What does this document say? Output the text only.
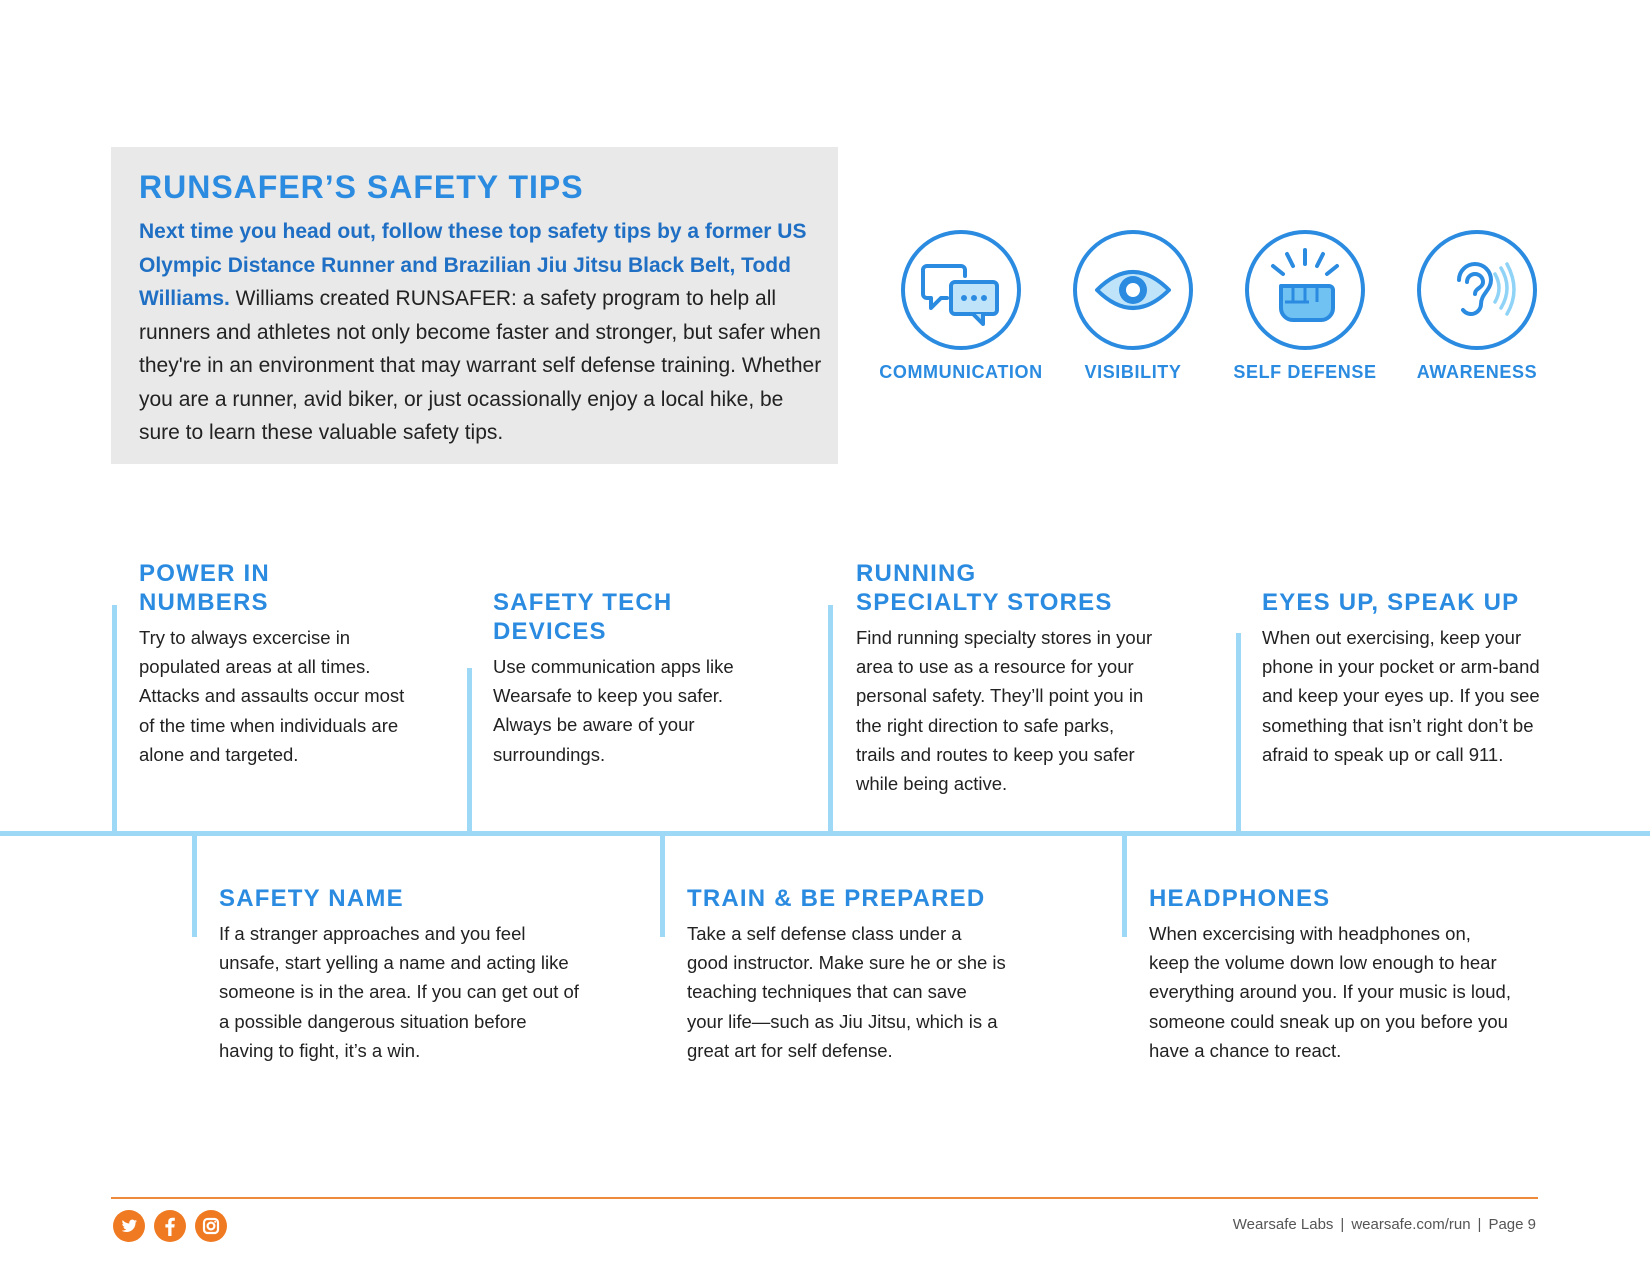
RUNSAFER’S SAFETY TIPS
Next time you head out, follow these top safety tips by a former US Olympic Distance Runner and Brazilian Jiu Jitsu Black Belt, Todd Williams. Williams created RUNSAFER: a safety program to help all runners and athletes not only become faster and stronger, but safer when they're in an environment that may warrant self defense training. Whether you are a runner, avid biker, or just ocassionally enjoy a local hike, be sure to learn these valuable safety tips.
COMMUNICATION	VISIBILITY	SELF DEFENSE	AWARENESS
POWER IN
NUMBERS
Try to always excercise in populated areas at all times. Attacks and assaults occur most of the time when individuals are alone and targeted.
SAFETY TECH
DEVICES
Use communication apps like Wearsafe to keep you safer. Always be aware of your surroundings.
RUNNING
SPECIALTY STORES
Find running specialty stores in your area to use as a resource for your personal safety. They’ll point you in the right direction to safe parks, trails and routes to keep you safer while being active.
EYES UP, SPEAK UP
When out exercising, keep your phone in your pocket or arm-band and keep your eyes up. If you see something that isn’t right don’t be afraid to speak up or call 911.
SAFETY NAME
If a stranger approaches and you feel unsafe, start yelling a name and acting like someone is in the area. If you can get out of a possible dangerous situation before having to fight, it’s a win.
TRAIN & BE PREPARED
Take a self defense class under a good instructor. Make sure he or she is teaching techniques that can save your life—such as Jiu Jitsu, which is a great art for self defense.
HEADPHONES
When excercising with headphones on, keep the volume down low enough to hear everything around you. If your music is loud, someone could sneak up on you before you have a chance to react.
Wearsafe Labs | wearsafe.com/run | Page 9
